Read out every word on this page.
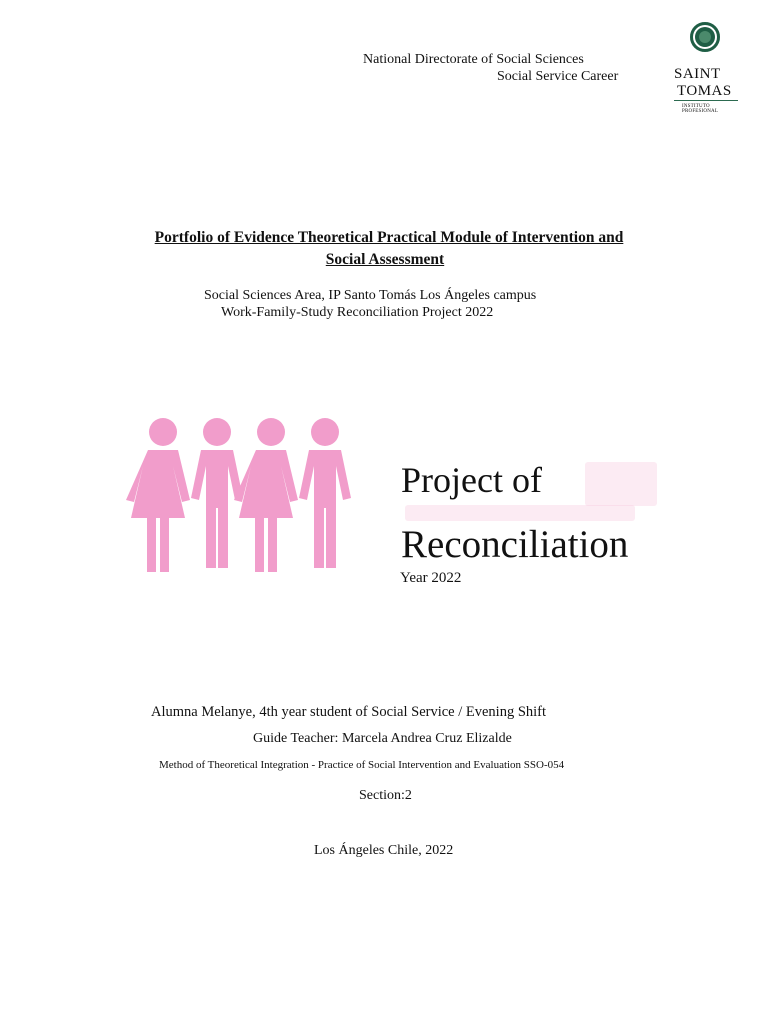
National Directorate of Social Sciences
Social Service Career	SAINT
TOMAS
INSTITUTO PROFESIONAL
Portfolio of Evidence Theoretical Practical Module of Intervention and
Social Assessment
Social Sciences Area, IP Santo Tomás Los Ángeles campus
Work-Family-Study Reconciliation Project 2022
Project of
Reconciliation
Year 2022
Alumna Melanye, 4th year student of Social Service / Evening Shift
Guide Teacher: Marcela Andrea Cruz Elizalde
Method of Theoretical Integration - Practice of Social Intervention and Evaluation SSO-054
Section:2
Los Ángeles Chile, 2022
